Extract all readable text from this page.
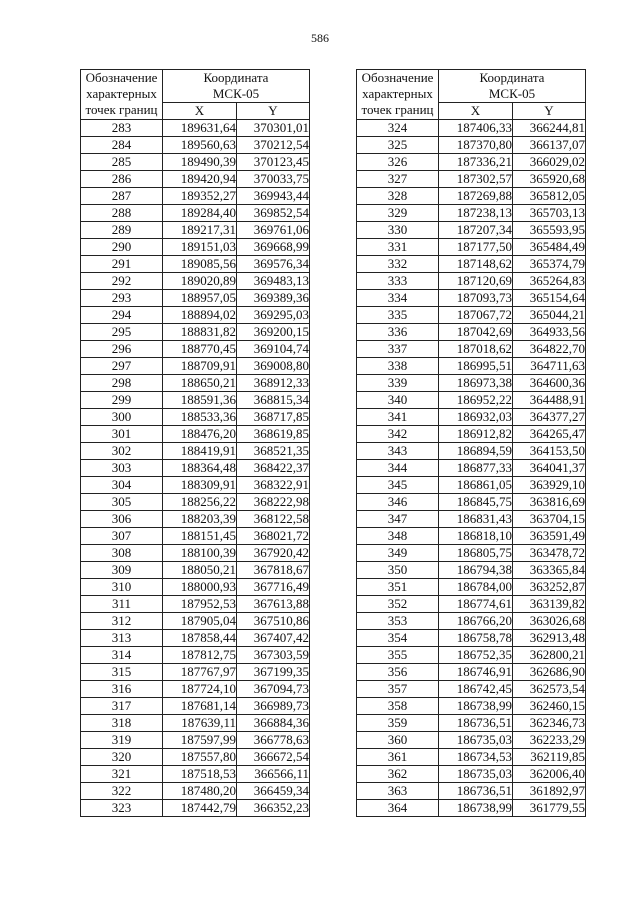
586
Обозначение
характерных
точек границ	Координата
МСК-05	

	X	Y
283	189631,64	370301,01
284	189560,63	370212,54
285	189490,39	370123,45
286	189420,94	370033,75
287	189352,27	369943,44
288	189284,40	369852,54
289	189217,31	369761,06
290	189151,03	369668,99
291	189085,56	369576,34
292	189020,89	369483,13
293	188957,05	369389,36
294	188894,02	369295,03
295	188831,82	369200,15
296	188770,45	369104,74
297	188709,91	369008,80
298	188650,21	368912,33
299	188591,36	368815,34
300	188533,36	368717,85
301	188476,20	368619,85
302	188419,91	368521,35
303	188364,48	368422,37
304	188309,91	368322,91
305	188256,22	368222,98
306	188203,39	368122,58
307	188151,45	368021,72
308	188100,39	367920,42
309	188050,21	367818,67
310	188000,93	367716,49
311	187952,53	367613,88
312	187905,04	367510,86
313	187858,44	367407,42
314	187812,75	367303,59
315	187767,97	367199,35
316	187724,10	367094,73
317	187681,14	366989,73
318	187639,11	366884,36
319	187597,99	366778,63
320	187557,80	366672,54
321	187518,53	366566,11
322	187480,20	366459,34
323	187442,79	366352,23
Обозначение
характерных
точек границ	Координата
МСК-05	

	X	Y
324	187406,33	366244,81
325	187370,80	366137,07
326	187336,21	366029,02
327	187302,57	365920,68
328	187269,88	365812,05
329	187238,13	365703,13
330	187207,34	365593,95
331	187177,50	365484,49
332	187148,62	365374,79
333	187120,69	365264,83
334	187093,73	365154,64
335	187067,72	365044,21
336	187042,69	364933,56
337	187018,62	364822,70
338	186995,51	364711,63
339	186973,38	364600,36
340	186952,22	364488,91
341	186932,03	364377,27
342	186912,82	364265,47
343	186894,59	364153,50
344	186877,33	364041,37
345	186861,05	363929,10
346	186845,75	363816,69
347	186831,43	363704,15
348	186818,10	363591,49
349	186805,75	363478,72
350	186794,38	363365,84
351	186784,00	363252,87
352	186774,61	363139,82
353	186766,20	363026,68
354	186758,78	362913,48
355	186752,35	362800,21
356	186746,91	362686,90
357	186742,45	362573,54
358	186738,99	362460,15
359	186736,51	362346,73
360	186735,03	362233,29
361	186734,53	362119,85
362	186735,03	362006,40
363	186736,51	361892,97
364	186738,99	361779,55
